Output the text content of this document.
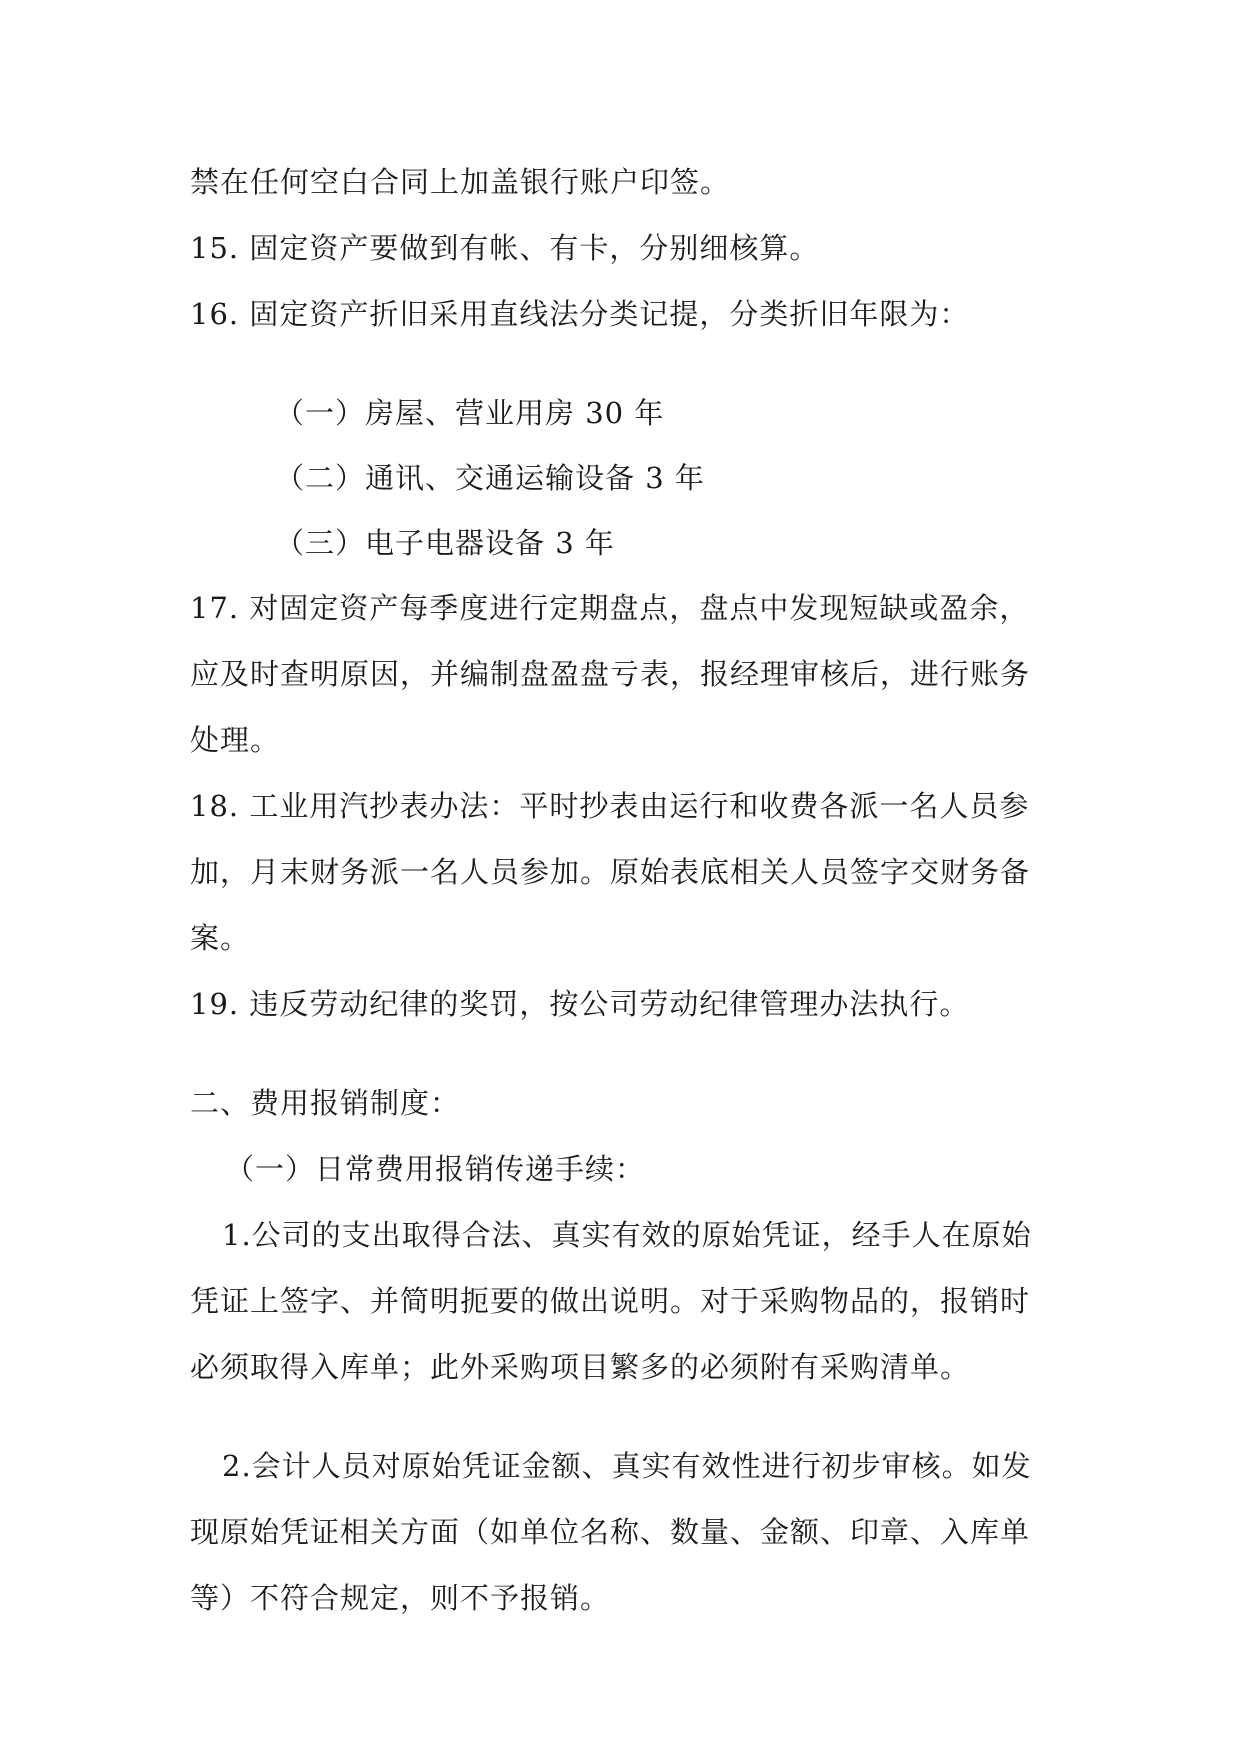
禁在任何空白合同上加盖银行账户印签。
15. 固定资产要做到有帐、有卡，分别细核算。
16. 固定资产折旧采用直线法分类记提，分类折旧年限为：
（一）房屋、营业用房 30 年
（二）通讯、交通运输设备 3 年
（三）电子电器设备 3 年
17. 对固定资产每季度进行定期盘点，盘点中发现短缺或盈余，
应及时查明原因，并编制盘盈盘亏表，报经理审核后，进行账务
处理。
18. 工业用汽抄表办法：平时抄表由运行和收费各派一名人员参
加，月末财务派一名人员参加。原始表底相关人员签字交财务备
案。
19. 违反劳动纪律的奖罚，按公司劳动纪律管理办法执行。
二、费用报销制度：
（一）日常费用报销传递手续：
1.公司的支出取得合法、真实有效的原始凭证，经手人在原始
凭证上签字、并简明扼要的做出说明。对于采购物品的，报销时
必须取得入库单；此外采购项目繁多的必须附有采购清单。
2.会计人员对原始凭证金额、真实有效性进行初步审核。如发
现原始凭证相关方面（如单位名称、数量、金额、印章、入库单
等）不符合规定，则不予报销。
